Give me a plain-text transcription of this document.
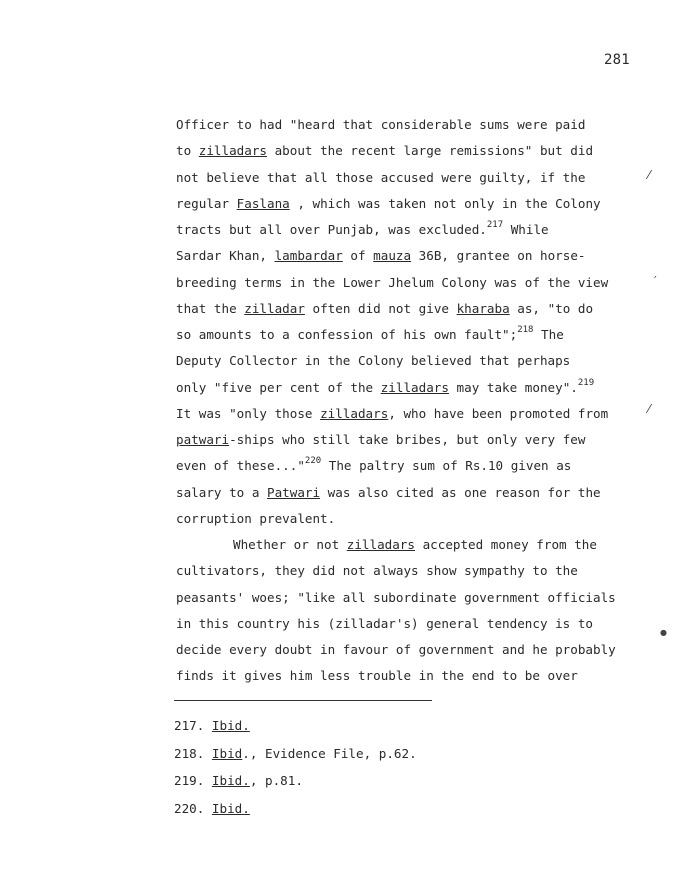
281
Officer to had "heard that considerable sums were paid
to zilladars about the recent large remissions" but did
not believe that all those accused were guilty, if the
regular Faslana , which was taken not only in the Colony
tracts but all over Punjab, was excluded.$^{217}$ While
Sardar Khan, lambardar of mauza 36B, grantee on horse-
breeding terms in the Lower Jhelum Colony was of the view
that the zilladar often did not give kharaba as, "to do
so amounts to a confession of his own fault";$^{218}$ The
Deputy Collector in the Colony believed that perhaps
only "five per cent of the zilladars may take money".$^{219}$
It was "only those zilladars, who have been promoted from
patwari-ships who still take bribes, but only very few
even of these..."$^{220}$ The paltry sum of Rs.10 given as
salary to a Patwari was also cited as one reason for the
corruption prevalent.
Whether or not zilladars accepted money from the
cultivators, they did not always show sympathy to the
peasants' woes; "like all subordinate government officials
in this country his (zilladar's) general tendency is to
decide every doubt in favour of government and he probably
finds it gives him less trouble in the end to be over
217. Ibid.
218. Ibid., Evidence File, p.62.
219. Ibid., p.81.
220. Ibid.
⁄
′
⁄
●
